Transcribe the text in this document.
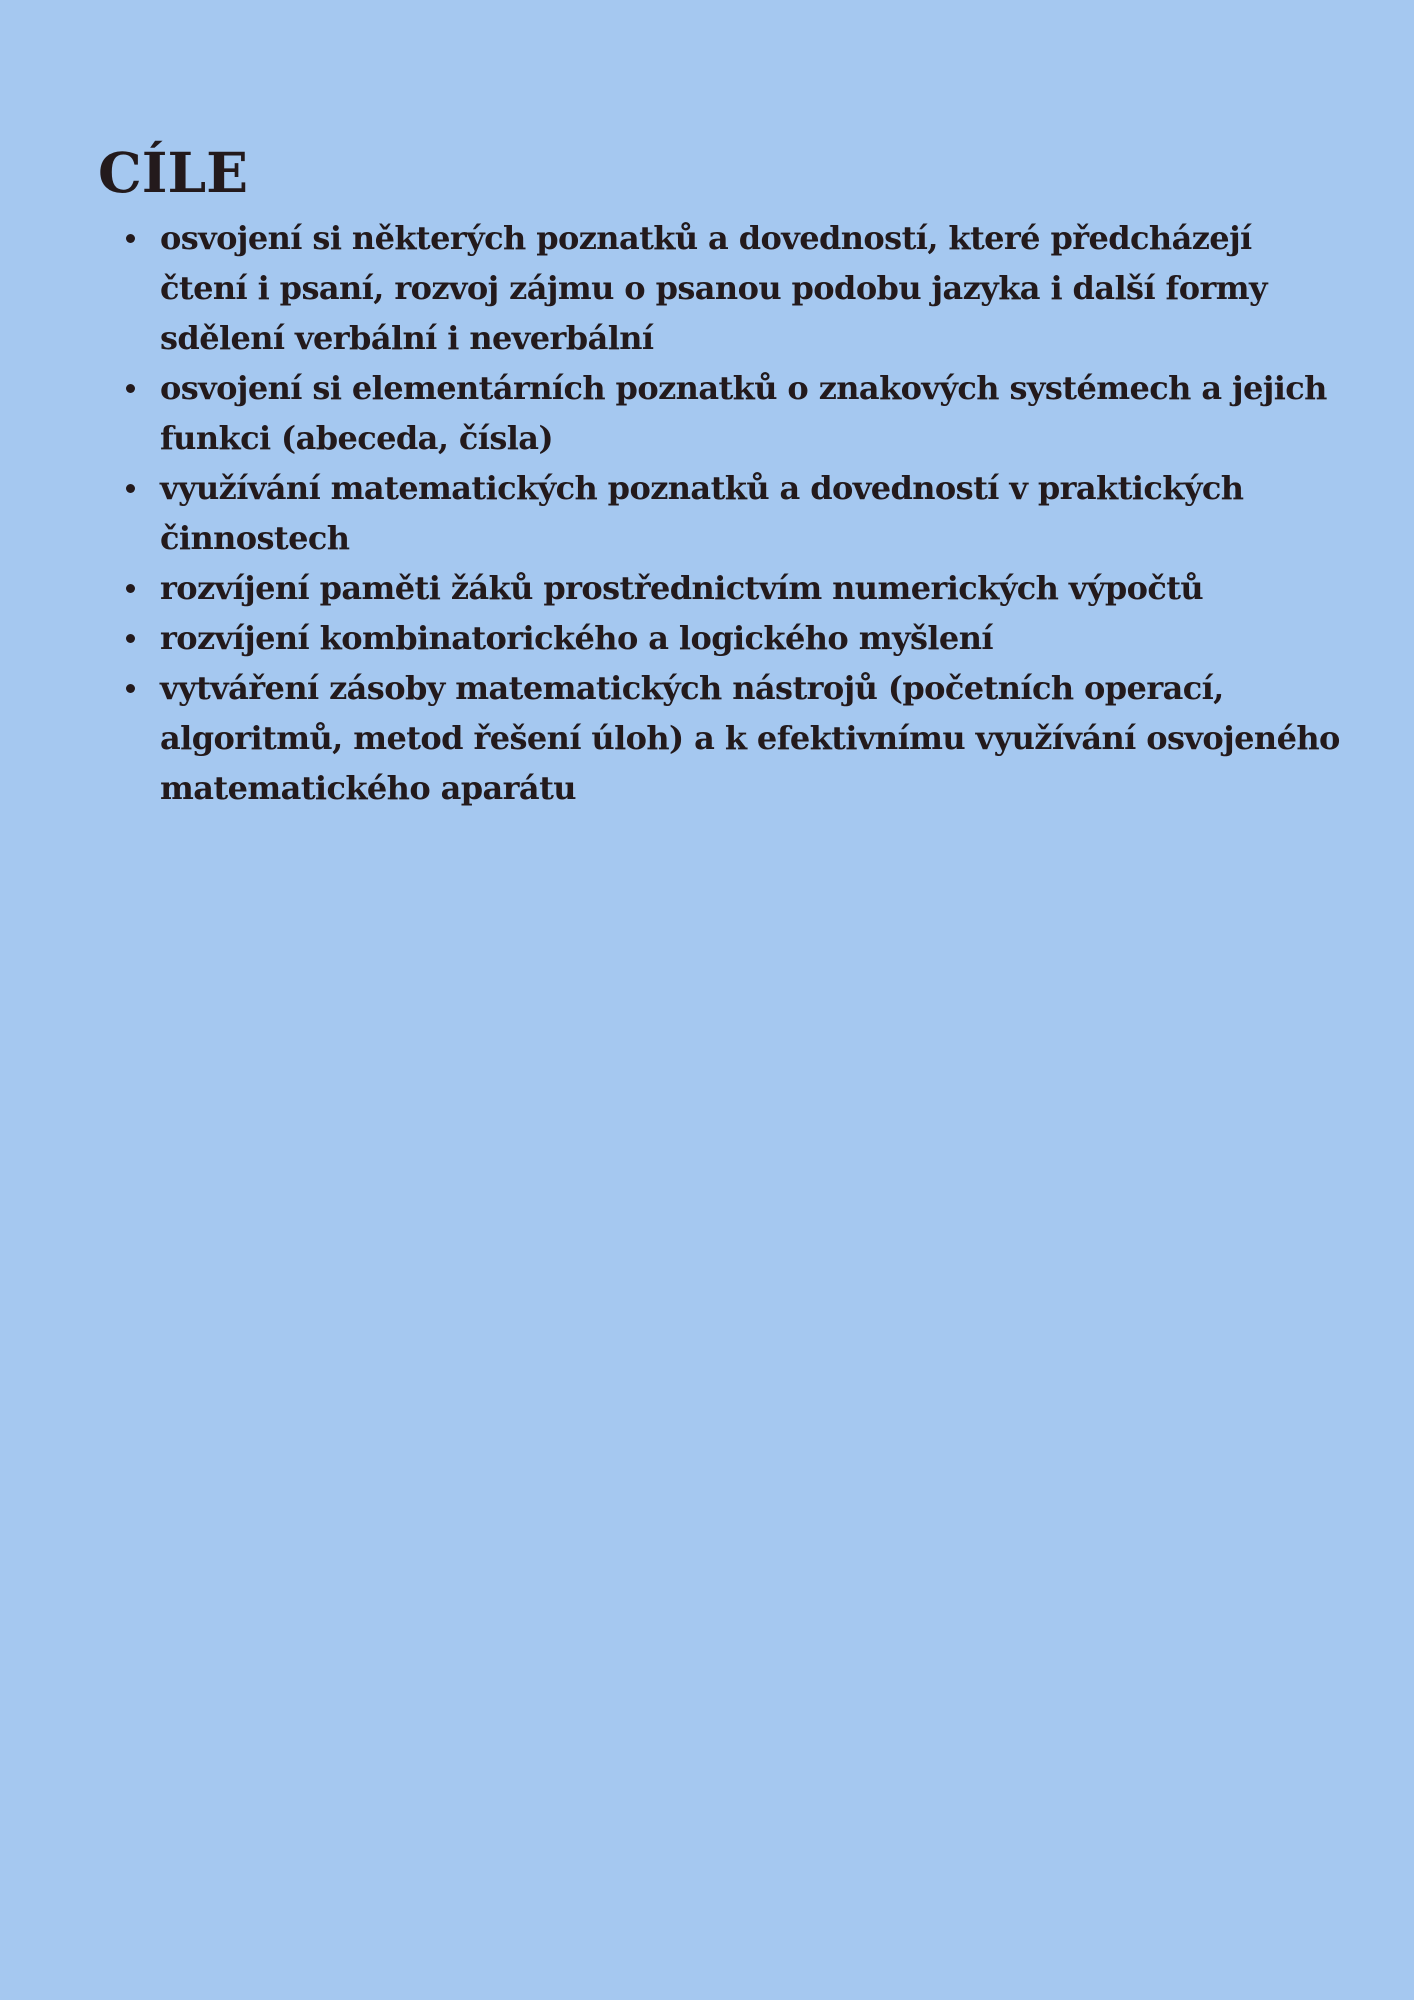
CÍLE
osvojení si některých poznatků a dovedností, které předcházejí čtení i psaní, rozvoj zájmu o psanou podobu jazyka i další formy sdělení verbální i neverbální
osvojení si elementárních poznatků o znakových systémech a jejich funkci (abeceda, čísla)
využívání matematických poznatků a dovedností v praktických činnostech
rozvíjení paměti žáků prostřednictvím numerických výpočtů
rozvíjení kombinatorického a logického myšlení
vytváření zásoby matematických nástrojů (početních operací, algoritmů, metod řešení úloh) a k efektivnímu využívání osvojeného matematického aparátu
